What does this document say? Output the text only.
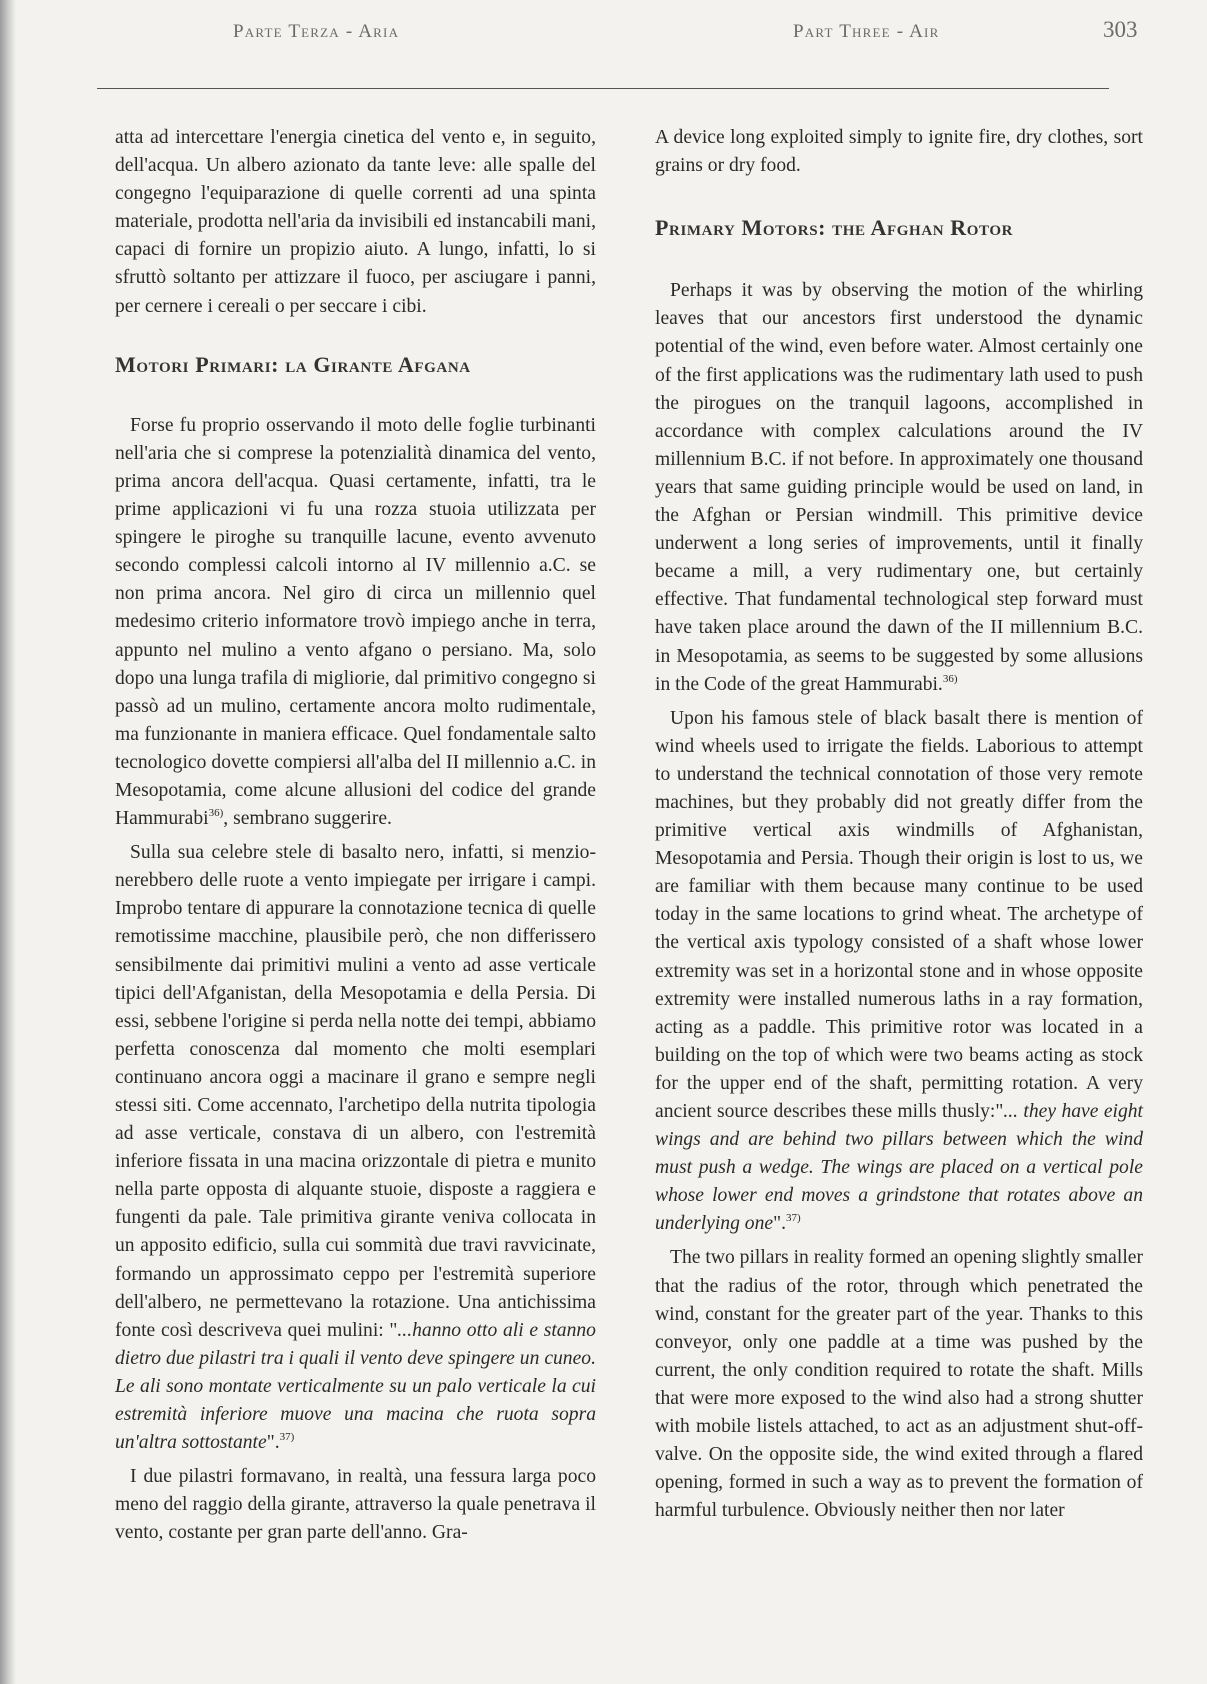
Parte Terza - Aria	Part Three - Air	303

atta ad intercettare l'energia cinetica del vento e, in seguito, dell'acqua. Un albero azionato da tante leve: alle spalle del congegno l'equiparazione di quelle correnti ad una spinta materiale, prodotta nell'aria da invisibili ed instancabili mani, capaci di fornire un propizio aiuto. A lungo, infatti, lo si sfruttò soltanto per attizzare il fuoco, per asciugare i panni, per cernere i cereali o per seccare i cibi.

Motori Primari: la Girante Afgana

Forse fu proprio osservando il moto delle foglie turbinanti nell'aria che si comprese la potenzialità dinamica del vento, prima ancora dell'acqua. Quasi certamente, infatti, tra le prime applicazioni vi fu una rozza stuoia utilizzata per spingere le piroghe su tranquille lacune, evento avvenuto secondo complessi calcoli intorno al IV millennio a.C. se non prima ancora. Nel giro di circa un millennio quel medesimo criterio informatore trovò impiego anche in terra, appunto nel mulino a vento afgano o persiano. Ma, solo dopo una lunga trafila di migliorie, dal primitivo congegno si passò ad un mulino, certamente ancora molto rudimentale, ma funzionante in maniera efficace. Quel fondamentale salto tecnologico dovette compiersi all'alba del II millennio a.C. in Mesopotamia, come alcune allusioni del codice del grande Hammurabi$^{36)}$, sembrano suggerire.

Sulla sua celebre stele di basalto nero, infatti, si menzionerebbero delle ruote a vento impiegate per irrigare i campi. Improbo tentare di appurare la connotazione tecnica di quelle remotissime macchine, plausibile però, che non differissero sensibilmente dai primitivi mulini a vento ad asse verticale tipici dell'Afganistan, della Mesopotamia e della Persia. Di essi, sebbene l'origine si perda nella notte dei tempi, abbiamo perfetta conoscenza dal momento che molti esemplari continuano ancora oggi a macinare il grano e sempre negli stessi siti. Come accennato, l'archetipo della nutrita tipologia ad asse verticale, constava di un albero, con l'estremità inferiore fissata in una macina orizzontale di pietra e munito nella parte opposta di alquante stuoie, disposte a raggiera e fungenti da pale. Tale primitiva girante veniva collocata in un apposito edificio, sulla cui sommità due travi ravvicinate, formando un approssimato ceppo per l'estremità superiore dell'albero, ne permettevano la rotazione. Una antichissima fonte così descriveva quei mulini: "...hanno otto ali e stanno dietro due pilastri tra i quali il vento deve spingere un cuneo. Le ali sono montate verticalmente su un palo verticale la cui estremità inferiore muove una macina che ruota sopra un'altra sottostante".$^{37)}$

I due pilastri formavano, in realtà, una fessura larga poco meno del raggio della girante, attraverso la quale penetrava il vento, costante per gran parte dell'anno. Gra-

A device long exploited simply to ignite fire, dry clothes, sort grains or dry food.

Primary Motors: the Afghan Rotor

Perhaps it was by observing the motion of the whirling leaves that our ancestors first understood the dynamic potential of the wind, even before water. Almost certainly one of the first applications was the rudimentary lath used to push the pirogues on the tranquil lagoons, accomplished in accordance with complex calculations around the IV millennium B.C. if not before. In approximately one thousand years that same guiding principle would be used on land, in the Afghan or Persian windmill. This primitive device underwent a long series of improvements, until it finally became a mill, a very rudimentary one, but certainly effective. That fundamental technological step forward must have taken place around the dawn of the II millennium B.C. in Mesopotamia, as seems to be suggested by some allusions in the Code of the great Hammurabi.$^{36)}$

Upon his famous stele of black basalt there is mention of wind wheels used to irrigate the fields. Laborious to attempt to understand the technical connotation of those very remote machines, but they probably did not greatly differ from the primitive vertical axis windmills of Afghanistan, Mesopotamia and Persia. Though their origin is lost to us, we are familiar with them because many continue to be used today in the same locations to grind wheat. The archetype of the vertical axis typology consisted of a shaft whose lower extremity was set in a horizontal stone and in whose opposite extremity were installed numerous laths in a ray formation, acting as a paddle. This primitive rotor was located in a building on the top of which were two beams acting as stock for the upper end of the shaft, permitting rotation. A very ancient source describes these mills thusly:"... they have eight wings and are behind two pillars between which the wind must push a wedge. The wings are placed on a vertical pole whose lower end moves a grindstone that rotates above an underlying one".$^{37)}$

The two pillars in reality formed an opening slightly smaller that the radius of the rotor, through which penetrated the wind, constant for the greater part of the year. Thanks to this conveyor, only one paddle at a time was pushed by the current, the only condition required to rotate the shaft. Mills that were more exposed to the wind also had a strong shutter with mobile listels attached, to act as an adjustment shut-off-valve. On the opposite side, the wind exited through a flared opening, formed in such a way as to prevent the formation of harmful turbulence. Obviously neither then nor later
